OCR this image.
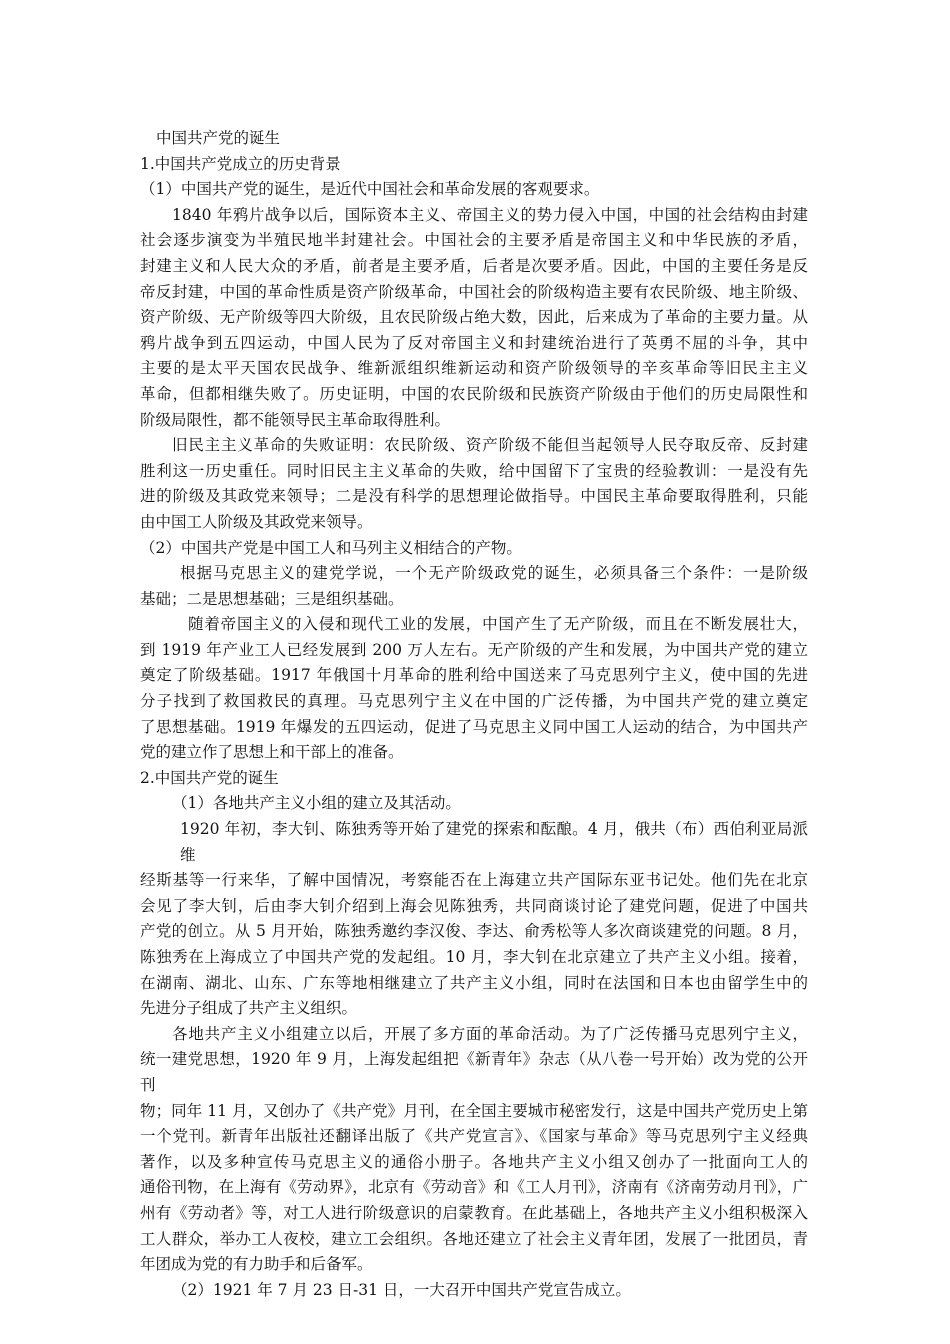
中国共产党的诞生
1.中国共产党成立的历史背景
（1）中国共产党的诞生，是近代中国社会和革命发展的客观要求。
1840 年鸦片战争以后，国际资本主义、帝国主义的势力侵入中国，中国的社会结构由封建
社会逐步演变为半殖民地半封建社会。中国社会的主要矛盾是帝国主义和中华民族的矛盾，
封建主义和人民大众的矛盾，前者是主要矛盾，后者是次要矛盾。因此，中国的主要任务是反
帝反封建，中国的革命性质是资产阶级革命，中国社会的阶级构造主要有农民阶级、地主阶级、
资产阶级、无产阶级等四大阶级，且农民阶级占绝大数，因此，后来成为了革命的主要力量。从
鸦片战争到五四运动，中国人民为了反对帝国主义和封建统治进行了英勇不屈的斗争，其中
主要的是太平天国农民战争、维新派组织维新运动和资产阶级领导的辛亥革命等旧民主主义
革命，但都相继失败了。历史证明，中国的农民阶级和民族资产阶级由于他们的历史局限性和
阶级局限性，都不能领导民主革命取得胜利。
旧民主主义革命的失败证明：农民阶级、资产阶级不能但当起领导人民夺取反帝、反封建
胜利这一历史重任。同时旧民主主义革命的失败，给中国留下了宝贵的经验教训：一是没有先
进的阶级及其政党来领导；二是没有科学的思想理论做指导。中国民主革命要取得胜利，只能
由中国工人阶级及其政党来领导。
（2）中国共产党是中国工人和马列主义相结合的产物。
根据马克思主义的建党学说，一个无产阶级政党的诞生，必须具备三个条件：一是阶级
基础；二是思想基础；三是组织基础。
随着帝国主义的入侵和现代工业的发展，中国产生了无产阶级，而且在不断发展壮大，
到 1919 年产业工人已经发展到 200 万人左右。无产阶级的产生和发展，为中国共产党的建立
奠定了阶级基础。1917 年俄国十月革命的胜利给中国送来了马克思列宁主义，使中国的先进
分子找到了救国救民的真理。马克思列宁主义在中国的广泛传播，为中国共产党的建立奠定
了思想基础。1919 年爆发的五四运动，促进了马克思主义同中国工人运动的结合，为中国共产
党的建立作了思想上和干部上的准备。
2.中国共产党的诞生
（1）各地共产主义小组的建立及其活动。
1920 年初，李大钊、陈独秀等开始了建党的探索和酝酿。4 月，俄共（布）西伯利亚局派维
经斯基等一行来华，了解中国情况，考察能否在上海建立共产国际东亚书记处。他们先在北京
会见了李大钊，后由李大钊介绍到上海会见陈独秀，共同商谈讨论了建党问题，促进了中国共
产党的创立。从 5 月开始，陈独秀邀约李汉俊、李达、俞秀松等人多次商谈建党的问题。8 月，
陈独秀在上海成立了中国共产党的发起组。10 月，李大钊在北京建立了共产主义小组。接着，
在湖南、湖北、山东、广东等地相继建立了共产主义小组，同时在法国和日本也由留学生中的
先进分子组成了共产主义组织。
各地共产主义小组建立以后，开展了多方面的革命活动。为了广泛传播马克思列宁主义，
统一建党思想，1920 年 9 月，上海发起组把《新青年》杂志（从八卷一号开始）改为党的公开刊
物；同年 11 月，又创办了《共产党》月刊，在全国主要城市秘密发行，这是中国共产党历史上第
一个党刊。新青年出版社还翻译出版了《共产党宣言》、《国家与革命》等马克思列宁主义经典
著作，以及多种宣传马克思主义的通俗小册子。各地共产主义小组又创办了一批面向工人的
通俗刊物，在上海有《劳动界》，北京有《劳动音》和《工人月刊》，济南有《济南劳动月刊》，广
州有《劳动者》等，对工人进行阶级意识的启蒙教育。在此基础上，各地共产主义小组积极深入
工人群众，举办工人夜校，建立工会组织。各地还建立了社会主义青年团，发展了一批团员，青
年团成为党的有力助手和后备军。
（2）1921 年 7 月 23 日-31 日，一大召开中国共产党宣告成立。
